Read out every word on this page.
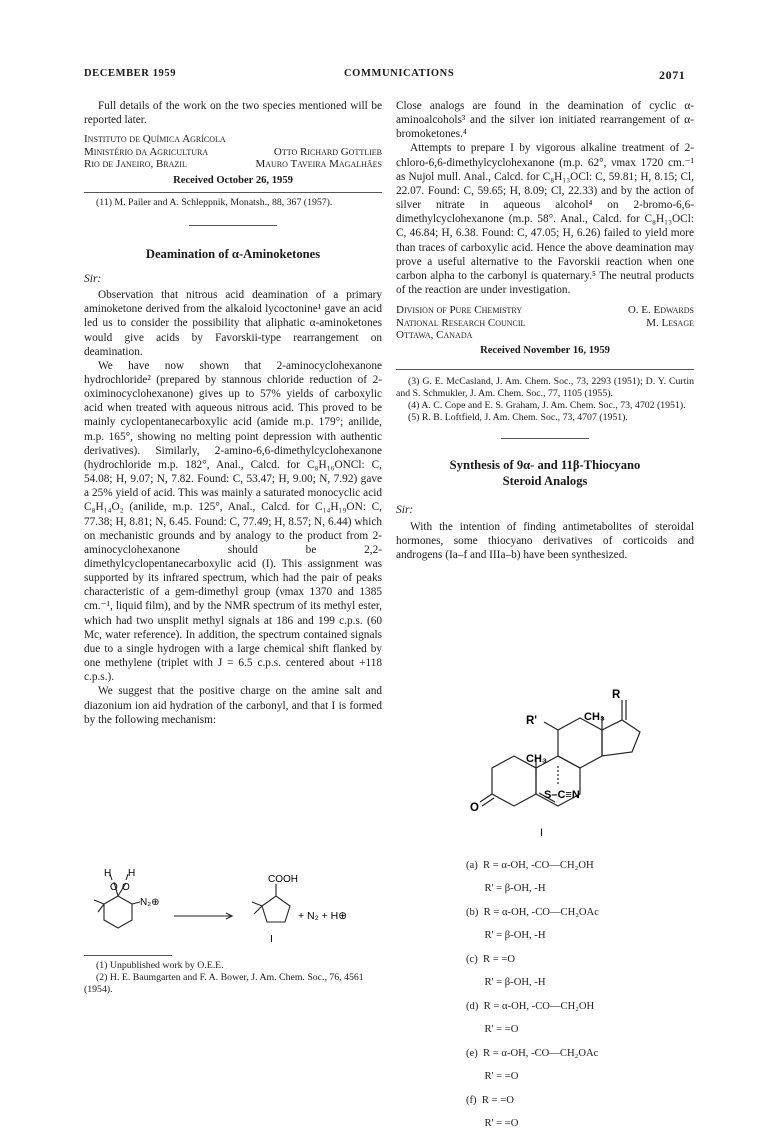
DECEMBER 1959	COMMUNICATIONS	2071

Full details of the work on the two species mentioned will be reported later.

Instituto de Química Agrícola
Ministério da Agricultura	Otto Richard Gottlieb
Rio de Janeiro, Brazil	Mauro Taveira Magalhães
Received October 26, 1959

(11) M. Pailer and A. Schleppnik, Monatsh., 88, 367 (1957).

Deamination of α-Aminoketones
Sir:

Observation that nitrous acid deamination of a primary aminoketone derived from the alkaloid lycoctonine¹ gave an acid led us to consider the possibility that aliphatic α-aminoketones would give acids by Favorskii-type rearrangement on deamination.

We have now shown that 2-aminocyclohexanone hydrochloride² (prepared by stannous chloride reduction of 2-oximinocyclohexanone) gives up to 57% yields of carboxylic acid when treated with aqueous nitrous acid. This proved to be mainly cyclopentanecarboxylic acid (amide m.p. 179°; anilide, m.p. 165°, showing no melting point depression with authentic derivatives). Similarly, 2-amino-6,6-dimethylcyclohexanone (hydrochloride m.p. 182°, Anal., Calcd. for C₈H₁₆ONCl: C, 54.08; H, 9.07; N, 7.82. Found: C, 53.47; H, 9.00; N, 7.92) gave a 25% yield of acid. This was mainly a saturated monocyclic acid C₈H₁₄O₂ (anilide, m.p. 125°, Anal., Calcd. for C₁₄H₁₉ON: C, 77.38; H, 8.81; N, 6.45. Found: C, 77.49; H, 8.57; N, 6.44) which on mechanistic grounds and by analogy to the product from 2-aminocyclohexanone should be 2,2-dimethylcyclopentanecarboxylic acid (I). This assignment was supported by its infrared spectrum, which had the pair of peaks characteristic of a gem-dimethyl group (νmax 1370 and 1385 cm.⁻¹, liquid film), and by the NMR spectrum of its methyl ester, which had two unsplit methyl signals at 186 and 199 c.p.s. (60 Mc, water reference). In addition, the spectrum contained signals due to a single hydrogen with a large chemical shift flanked by one methylene (triplet with J = 6.5 c.p.s. centered about +118 c.p.s.).

We suggest that the positive charge on the amine salt and diazonium ion aid hydration of the carbonyl, and that I is formed by the following mechanism:

H H
O O
N₂⊕
COOH
+ N₂ + H⊕
I

(1) Unpublished work by O.E.E.

(2) H. E. Baumgarten and F. A. Bower, J. Am. Chem. Soc., 76, 4561 (1954).

Close analogs are found in the deamination of cyclic α-aminoalcohols³ and the silver ion initiated rearrangement of α-bromoketones.⁴

Attempts to prepare I by vigorous alkaline treatment of 2-chloro-6,6-dimethylcyclohexanone (m.p. 62°, νmax 1720 cm.⁻¹ as Nujol mull. Anal., Calcd. for C₈H₁₃OCl: C, 59.81; H, 8.15; Cl, 22.07. Found: C, 59.65; H, 8.09; Cl, 22.33) and by the action of silver nitrate in aqueous alcohol⁴ on 2-bromo-6,6-dimethylcyclohexanone (m.p. 58°. Anal., Calcd. for C₈H₁₃OCl: C, 46.84; H, 6.38. Found: C, 47.05; H, 6.26) failed to yield more than traces of carboxylic acid. Hence the above deamination may prove a useful alternative to the Favorskii reaction when one carbon alpha to the carbonyl is quaternary.⁵ The neutral products of the reaction are under investigation.

Division of Pure Chemistry	O. E. Edwards
National Research Council	M. Lesage
Ottawa, Canada
Received November 16, 1959

(3) G. E. McCasland, J. Am. Chem. Soc., 73, 2293 (1951); D. Y. Curtin and S. Schmukler, J. Am. Chem. Soc., 77, 1105 (1955).

(4) A. C. Cope and E. S. Graham, J. Am. Chem. Soc., 73, 4702 (1951).

(5) R. B. Loftfield, J. Am. Chem. Soc., 73, 4707 (1951).

Synthesis of 9α- and 11β-Thiocyano
Steroid Analogs
Sir:

With the intention of finding antimetabolites of steroidal hormones, some thiocyano derivatives of corticoids and androgens (Ia–f and IIIa–b) have been synthesized.

R
R'	CH₃
CH₃
O
S–C≡N
I

(a)  R = α-OH, -CO—CH₂OH

R' = β-OH, -H

(b)  R = α-OH, -CO—CH₂OAc

R' = β-OH, -H

(c)  R = =O

R' = β-OH, -H

(d)  R = α-OH, -CO—CH₂OH

R' = =O

(e)  R = α-OH, -CO—CH₂OAc

R' = =O

(f)  R = =O

R' = =O
